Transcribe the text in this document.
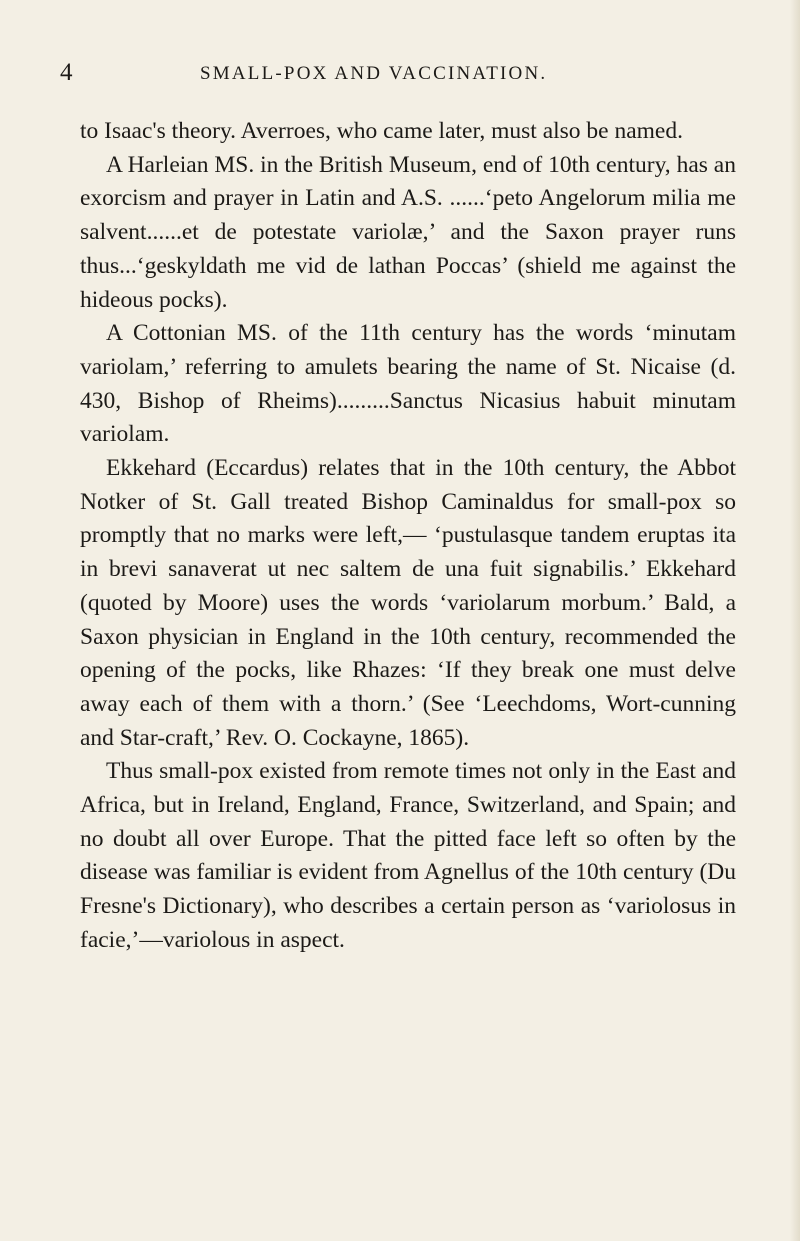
4	SMALL-POX AND VACCINATION.

to Isaac's theory. Averroes, who came later, must also be named.

A Harleian MS. in the British Museum, end of 10th century, has an exorcism and prayer in Latin and A.S. ......‘peto Angelorum milia me salvent......et de potestate variolæ,’ and the Saxon prayer runs thus...‘geskyldath me vid de lathan Poccas’ (shield me against the hideous pocks).

A Cottonian MS. of the 11th century has the words ‘minutam variolam,’ referring to amulets bearing the name of St. Nicaise (d. 430, Bishop of Rheims).........Sanctus Nicasius habuit minutam variolam.

Ekkehard (Eccardus) relates that in the 10th century, the Abbot Notker of St. Gall treated Bishop Caminaldus for small-pox so promptly that no marks were left,— ‘pustulasque tandem eruptas ita in brevi sanaverat ut nec saltem de una fuit signabilis.’ Ekkehard (quoted by Moore) uses the words ‘variolarum morbum.’ Bald, a Saxon physician in England in the 10th century, recommended the opening of the pocks, like Rhazes: ‘If they break one must delve away each of them with a thorn.’ (See ‘Leechdoms, Wort-cunning and Star-craft,’ Rev. O. Cockayne, 1865).

Thus small-pox existed from remote times not only in the East and Africa, but in Ireland, England, France, Switzerland, and Spain; and no doubt all over Europe. That the pitted face left so often by the disease was familiar is evident from Agnellus of the 10th century (Du Fresne's Dictionary), who describes a certain person as ‘variolosus in facie,’—variolous in aspect.
